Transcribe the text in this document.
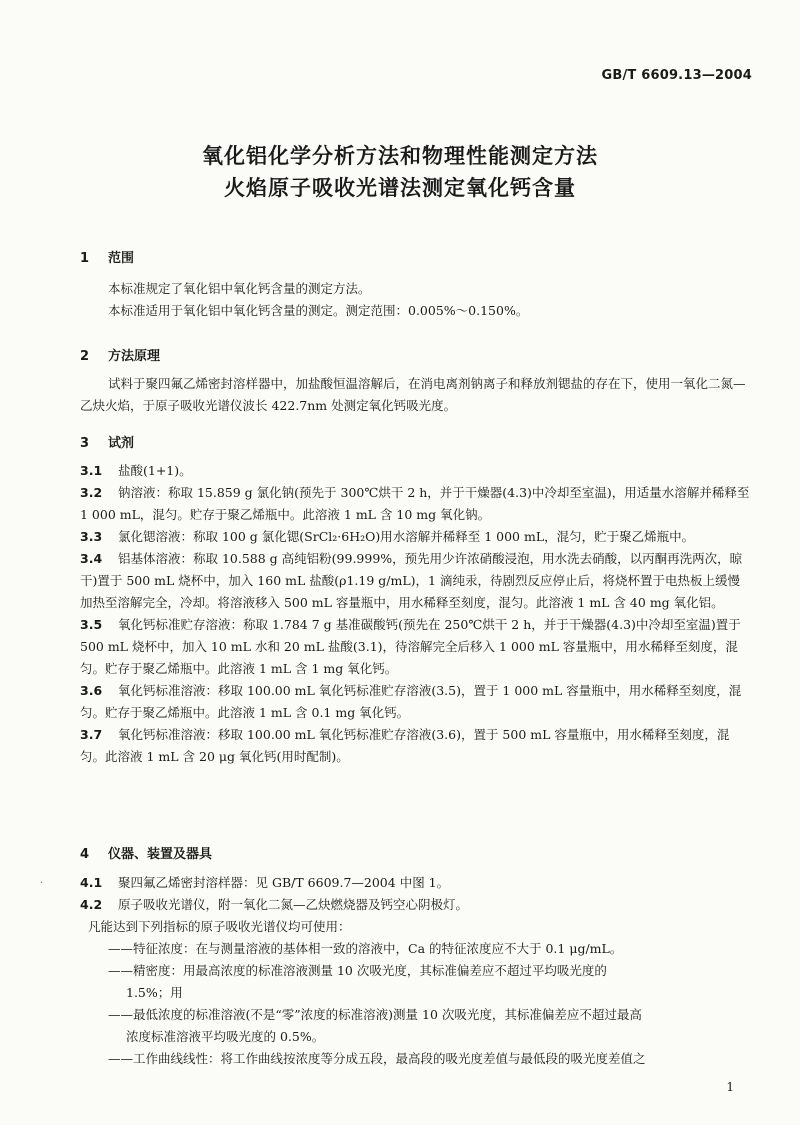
GB/T 6609.13—2004
氧化铝化学分析方法和物理性能测定方法
火焰原子吸收光谱法测定氧化钙含量
1 范围

本标准规定了氧化铝中氧化钙含量的测定方法。

本标准适用于氧化铝中氧化钙含量的测定。测定范围：0.005%～0.150%。

2 方法原理

试料于聚四氟乙烯密封溶样器中，加盐酸恒温溶解后，在消电离剂钠离子和释放剂锶盐的存在下，使用一氧化二氮—乙炔火焰，于原子吸收光谱仪波长 422.7nm 处测定氧化钙吸光度。

3 试剂

3.1 盐酸(1+1)。

3.2 钠溶液：称取 15.859 g 氯化钠(预先于 300℃烘干 2 h，并于干燥器(4.3)中冷却至室温)，用适量水溶解并稀释至 1 000 mL，混匀。贮存于聚乙烯瓶中。此溶液 1 mL 含 10 mg 氧化钠。

3.3 氯化锶溶液：称取 100 g 氯化锶(SrCl₂·6H₂O)用水溶解并稀释至 1 000 mL，混匀，贮于聚乙烯瓶中。

3.4 铝基体溶液：称取 10.588 g 高纯铝粉(99.999%，预先用少许浓硝酸浸泡，用水洗去硝酸，以丙酮再洗两次，晾干)置于 500 mL 烧杯中，加入 160 mL 盐酸(ρ1.19 g/mL)，1 滴纯汞，待剧烈反应停止后，将烧杯置于电热板上缓慢加热至溶解完全，冷却。将溶液移入 500 mL 容量瓶中，用水稀释至刻度，混匀。此溶液 1 mL 含 40 mg 氧化铝。

3.5 氧化钙标准贮存溶液：称取 1.784 7 g 基准碳酸钙(预先在 250℃烘干 2 h，并于干燥器(4.3)中冷却至室温)置于 500 mL 烧杯中，加入 10 mL 水和 20 mL 盐酸(3.1)，待溶解完全后移入 1 000 mL 容量瓶中，用水稀释至刻度，混匀。贮存于聚乙烯瓶中。此溶液 1 mL 含 1 mg 氧化钙。

3.6 氧化钙标准溶液：移取 100.00 mL 氧化钙标准贮存溶液(3.5)，置于 1 000 mL 容量瓶中，用水稀释至刻度，混匀。贮存于聚乙烯瓶中。此溶液 1 mL 含 0.1 mg 氧化钙。

3.7 氧化钙标准溶液：移取 100.00 mL 氧化钙标准贮存溶液(3.6)，置于 500 mL 容量瓶中，用水稀释至刻度，混匀。此溶液 1 mL 含 20 μg 氧化钙(用时配制)。

4 仪器、装置及器具
·	4.1 聚四氟乙烯密封溶样器：见 GB/T 6609.7—2004 中图 1。

4.2 原子吸收光谱仪，附一氧化二氮—乙炔燃烧器及钙空心阴极灯。

凡能达到下列指标的原子吸收光谱仪均可使用：

——特征浓度：在与测量溶液的基体相一致的溶液中，Ca 的特征浓度应不大于 0.1 μg/mL。

——精密度：用最高浓度的标准溶液测量 10 次吸光度，其标准偏差应不超过平均吸光度的

1.5%；用

——最低浓度的标准溶液(不是“零”浓度的标准溶液)测量 10 次吸光度，其标准偏差应不超过最高

浓度标准溶液平均吸光度的 0.5%。

——工作曲线线性：将工作曲线按浓度等分成五段，最高段的吸光度差值与最低段的吸光度差值之

1
